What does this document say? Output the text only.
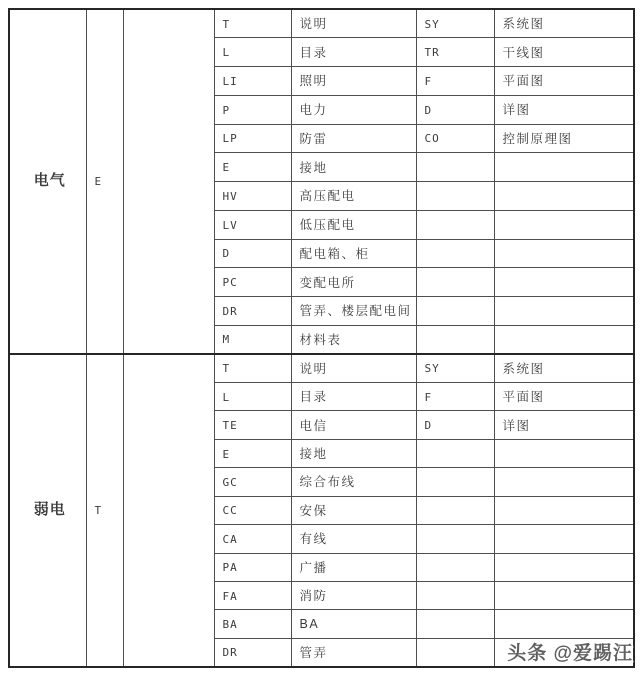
电气	E		T	说明	SY	系统图
			L	目录	TR	干线图
			LI	照明	F	平面图
			P	电力	D	详图
			LP	防雷	CO	控制原理图
			E	接地		
			HV	高压配电		
			LV	低压配电		
			D	配电箱、柜		
			PC	变配电所		
			DR	管弄、楼层配电间		
			M	材料表		
弱电	T		T	说明	SY	系统图
			L	目录	F	平面图
			TE	电信	D	详图
			E	接地		
			GC	综合布线		
			CC	安保		
			CA	有线		
			PA	广播		
			FA	消防		
			BA	BA		
			DR	管弄			头条 @爱踢汪
